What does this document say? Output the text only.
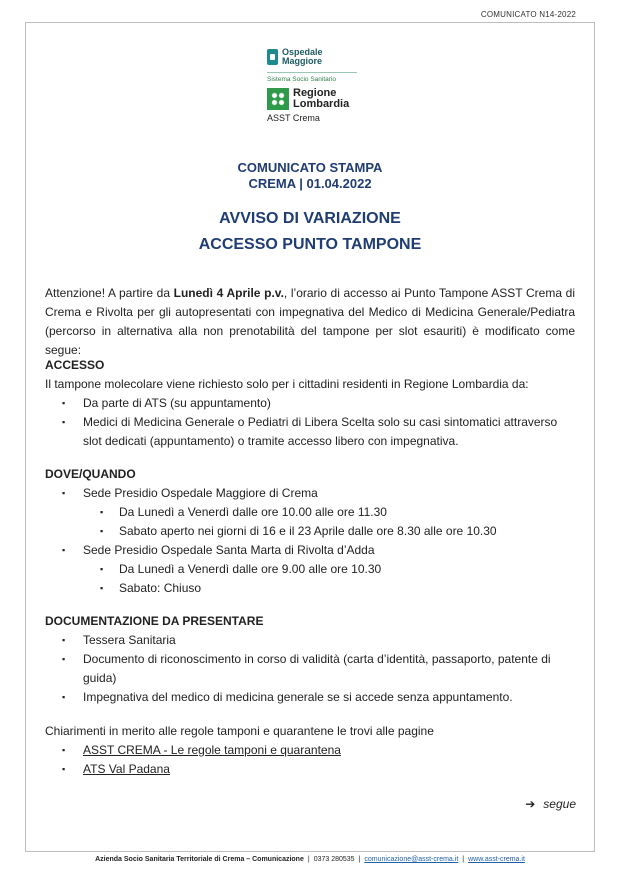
COMUNICATO N14-2022
Ospedale
Maggiore
Sistema Socio Sanitario
Regione
Lombardia
ASST Crema
COMUNICATO STAMPA
CREMA | 01.04.2022
AVVISO DI VARIAZIONE
ACCESSO PUNTO TAMPONE
Attenzione! A partire da Lunedì 4 Aprile p.v., l’orario di accesso ai Punto Tampone ASST Crema di Crema e Rivolta per gli autopresentati con impegnativa del Medico di Medicina Generale/Pediatra (percorso in alternativa alla non prenotabilità del tampone per slot esauriti) è modificato come segue:
ACCESSO
Il tampone molecolare viene richiesto solo per i cittadini residenti in Regione Lombardia da:
▪ Da parte di ATS (su appuntamento)
▪ Medici di Medicina Generale o Pediatri di Libera Scelta solo su casi sintomatici attraverso slot dedicati (appuntamento) o tramite accesso libero con impegnativa.
DOVE/QUANDO
▪ Sede Presidio Ospedale Maggiore di Crema
▪ Da Lunedì a Venerdì dalle ore 10.00 alle ore 11.30
▪ Sabato aperto nei giorni di 16 e il 23 Aprile dalle ore 8.30 alle ore 10.30
▪ Sede Presidio Ospedale Santa Marta di Rivolta d’Adda
▪ Da Lunedì a Venerdì dalle ore 9.00 alle ore 10.30
▪ Sabato: Chiuso
DOCUMENTAZIONE DA PRESENTARE
▪ Tessera Sanitaria
▪ Documento di riconoscimento in corso di validità (carta d’identità, passaporto, patente di guida)
▪ Impegnativa del medico di medicina generale se si accede senza appuntamento.
Chiarimenti in merito alle regole tamponi e quarantene le trovi alle pagine
▪ ASST CREMA - Le regole tamponi e quarantena
▪ ATS Val Padana
➔ segue
Azienda Socio Sanitaria Territoriale di Crema – Comunicazione | 0373 280535 | comunicazione@asst-crema.it | www.asst-crema.it
